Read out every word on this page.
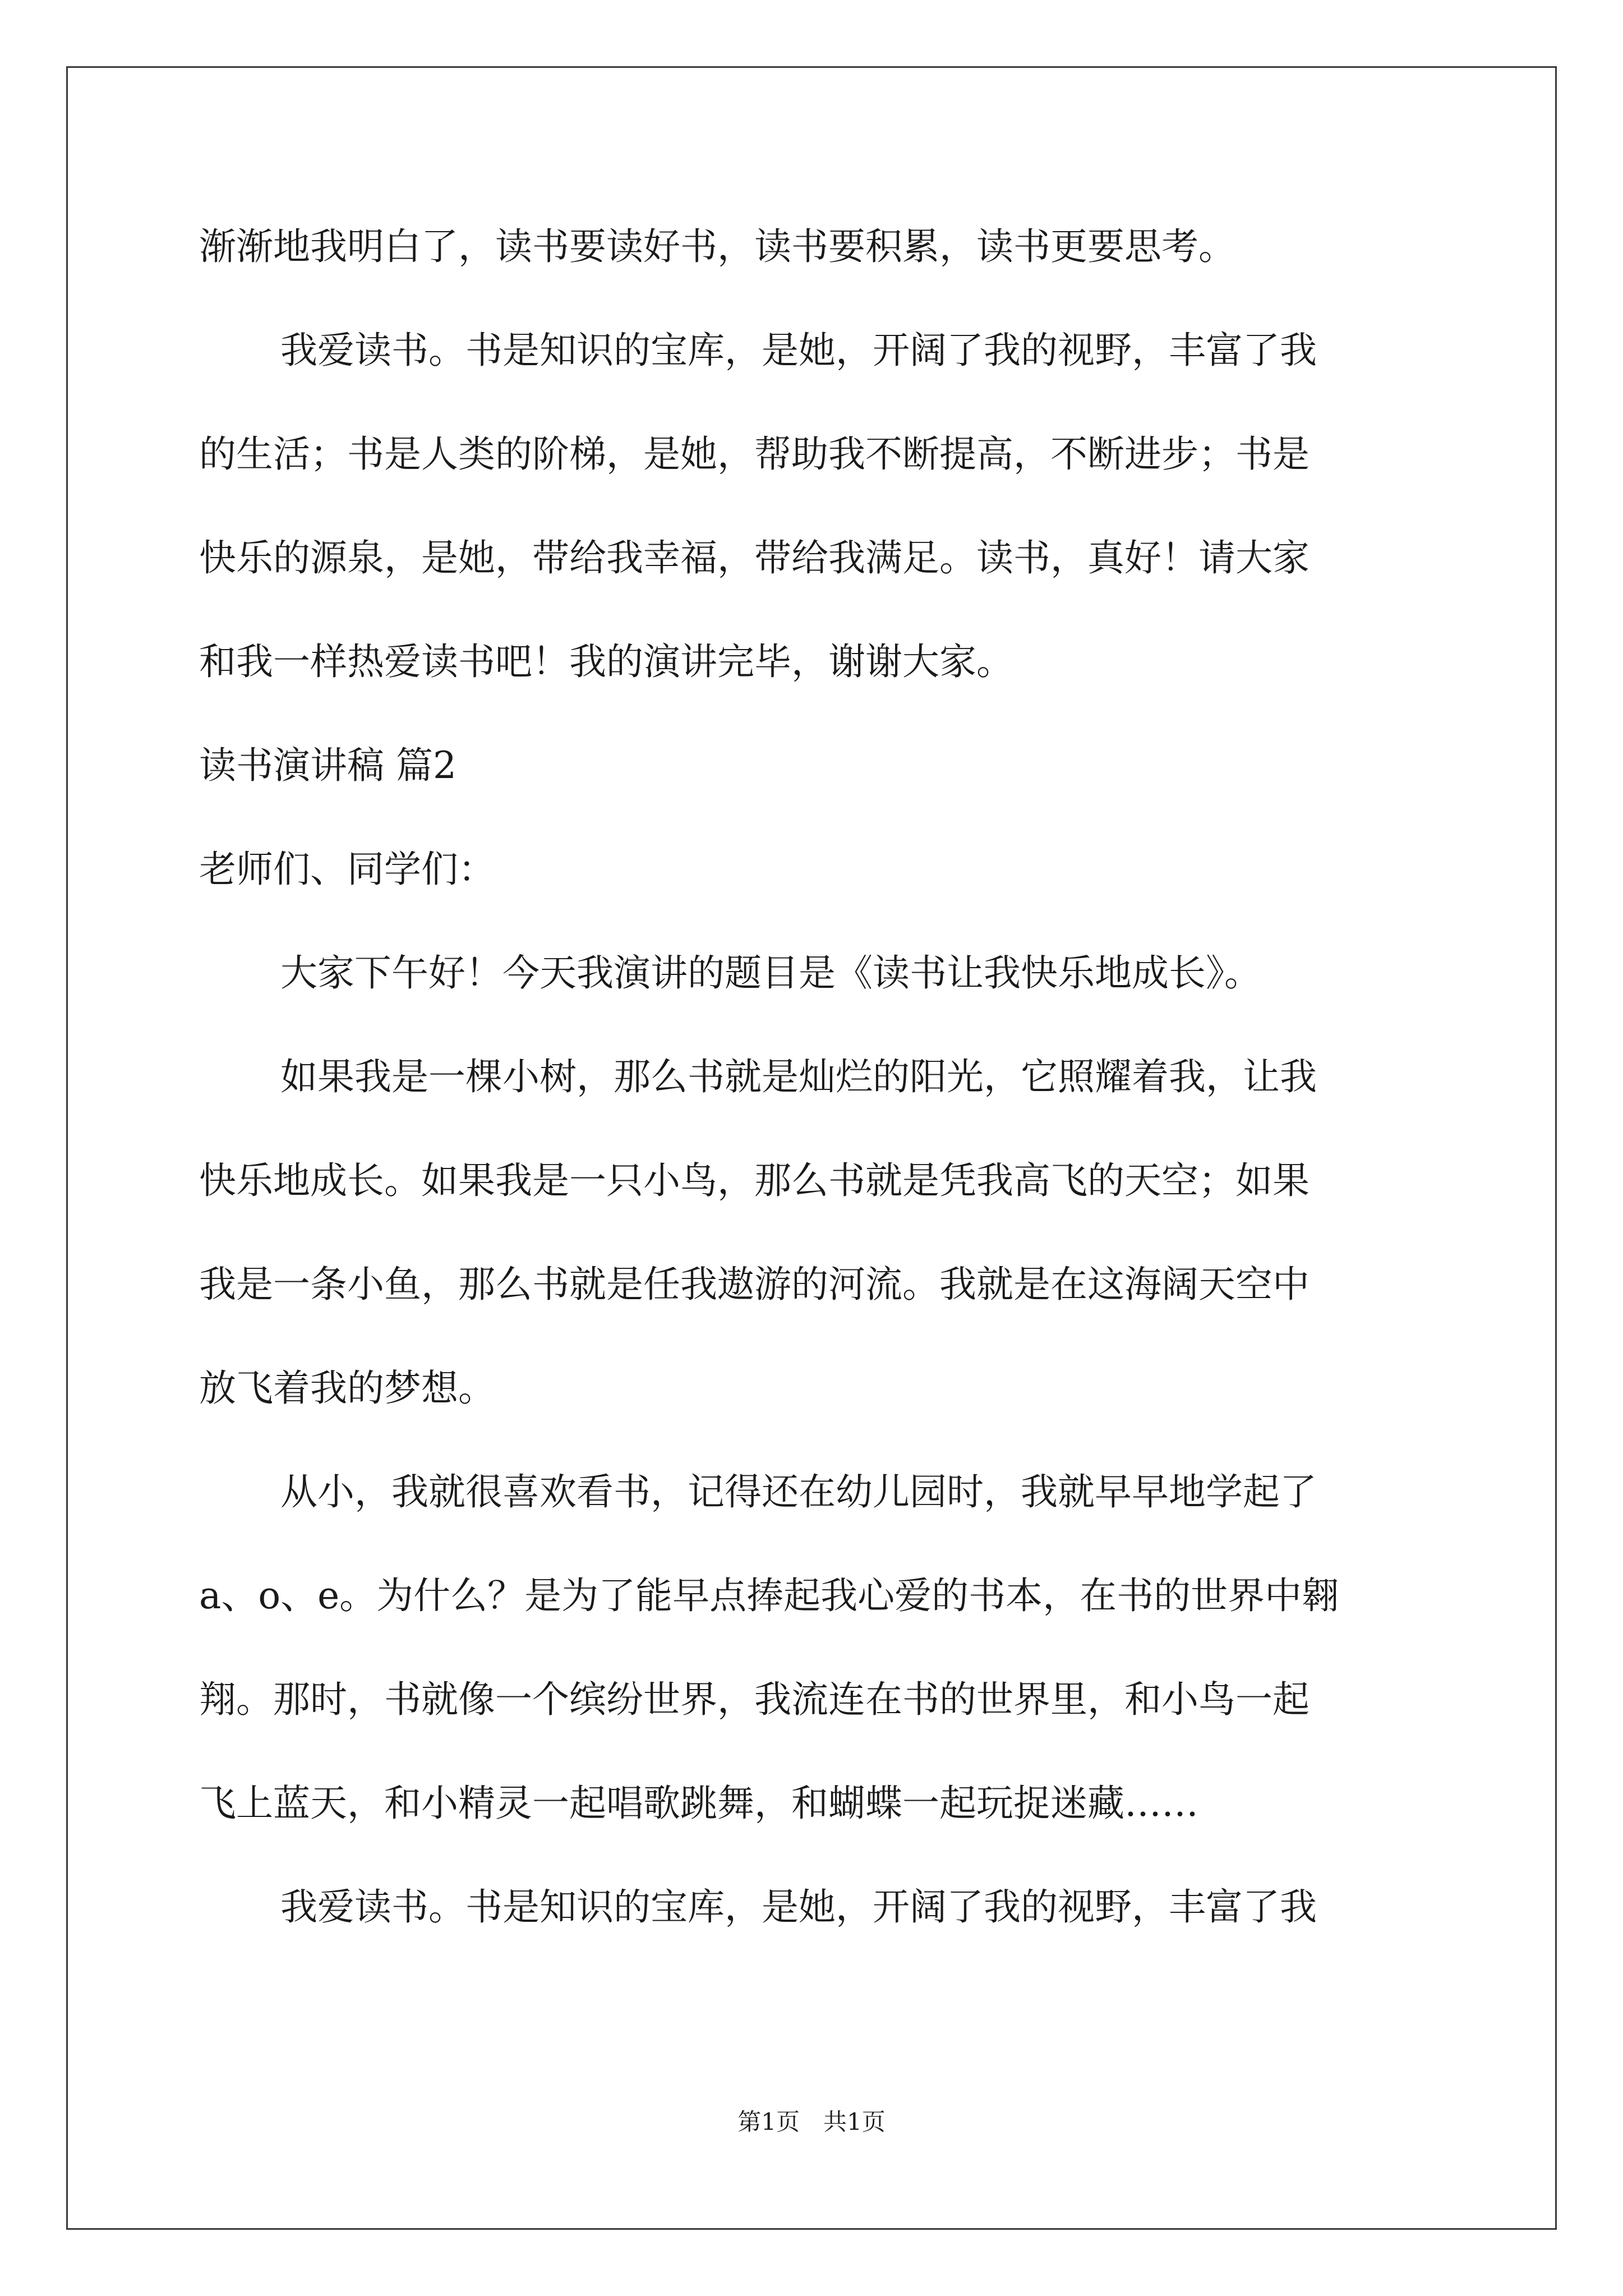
渐渐地我明白了，读书要读好书，读书要积累，读书更要思考。
我爱读书。书是知识的宝库，是她，开阔了我的视野，丰富了我
的生活；书是人类的阶梯，是她，帮助我不断提高，不断进步；书是
快乐的源泉，是她，带给我幸福，带给我满足。读书，真好！请大家
和我一样热爱读书吧！我的演讲完毕，谢谢大家。
读书演讲稿 篇2
老师们、同学们：
大家下午好！今天我演讲的题目是《读书让我快乐地成长》。
如果我是一棵小树，那么书就是灿烂的阳光，它照耀着我，让我
快乐地成长。如果我是一只小鸟，那么书就是凭我高飞的天空；如果
我是一条小鱼，那么书就是任我遨游的河流。我就是在这海阔天空中
放飞着我的梦想。
从小，我就很喜欢看书，记得还在幼儿园时，我就早早地学起了
a、o、e。为什么？是为了能早点捧起我心爱的书本，在书的世界中翱
翔。那时，书就像一个缤纷世界，我流连在书的世界里，和小鸟一起
飞上蓝天，和小精灵一起唱歌跳舞，和蝴蝶一起玩捉迷藏……
我爱读书。书是知识的宝库，是她，开阔了我的视野，丰富了我
第1页　共1页
